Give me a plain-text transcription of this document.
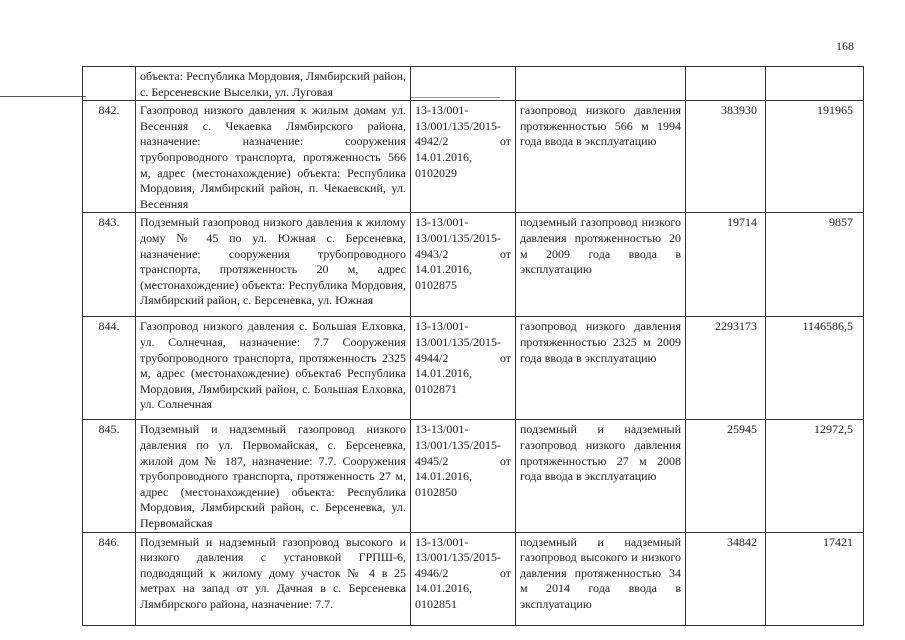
168
	объекта: Республика Мордовия, Лямбирский район, с. Берсеневские Выселки, ул. Луговая				
842.	Газопровод низкого давления к жилым домам ул. Весенняя с. Чекаевка Лямбирского района, назначение: назначение: сооружения трубопроводного транспорта, протяженность 566 м, адрес (местонахождение) объекта: Республика Мордовия, Лямбирский район, п. Чекаевский, ул. Весенняя	13-13/001-13/001/135/2015-4942/2 от 14.01.2016, 0102029	газопровод низкого давления протяженностью 566 м 1994 года ввода в эксплуатацию	383930	191965
843.	Подземный газопровод низкого давления к жилому дому № 45 по ул. Южная с. Берсеневка, назначение: сооружения трубопроводного транспорта, протяженность 20 м, адрес (местонахождение) объекта: Республика Мордовия, Лямбирский район, с. Берсеневка, ул. Южная	13-13/001-13/001/135/2015-4943/2 от 14.01.2016, 0102875	подземный газопровод низкого давления протяженностью 20 м 2009 года ввода в эксплуатацию	19714	9857
844.	Газопровод низкого давления с. Большая Елховка, ул. Солнечная, назначение: 7.7 Сооружения трубопроводного транспорта, протяженность 2325 м, адрес (местонахождение) объекта6 Республика Мордовия, Лямбирский район, с. Большая Елховка, ул. Солнечная	13-13/001-13/001/135/2015-4944/2 от 14.01.2016, 0102871	газопровод низкого давления протяженностью 2325 м 2009 года ввода в эксплуатацию	2293173	1146586,5
845.	Подземный и надземный газопровод низкого давления по ул. Первомайская, с. Берсеневка, жилой дом № 187, назначение: 7.7. Сооружения трубопроводного транспорта, протяженность 27 м, адрес (местонахождение) объекта: Республика Мордовия, Лямбирский район, с. Берсеневка, ул. Первомайская	13-13/001-13/001/135/2015-4945/2 от 14.01.2016, 0102850	подземный и надземный газопровод низкого давления протяженностью 27 м 2008 года ввода в эксплуатацию	25945	12972,5
846.	Подземный и надземный газопровод высокого и низкого давления с установкой ГРПШ-6, подводящий к жилому дому участок № 4 в 25 метрах на запад от ул. Дачная в с. Берсеневка Лямбирского района, назначение: 7.7.	13-13/001-13/001/135/2015-4946/2 от 14.01.2016, 0102851	подземный и надземный газопровод высокого и низкого давления протяженностью 34 м 2014 года ввода в эксплуатацию	34842	17421
